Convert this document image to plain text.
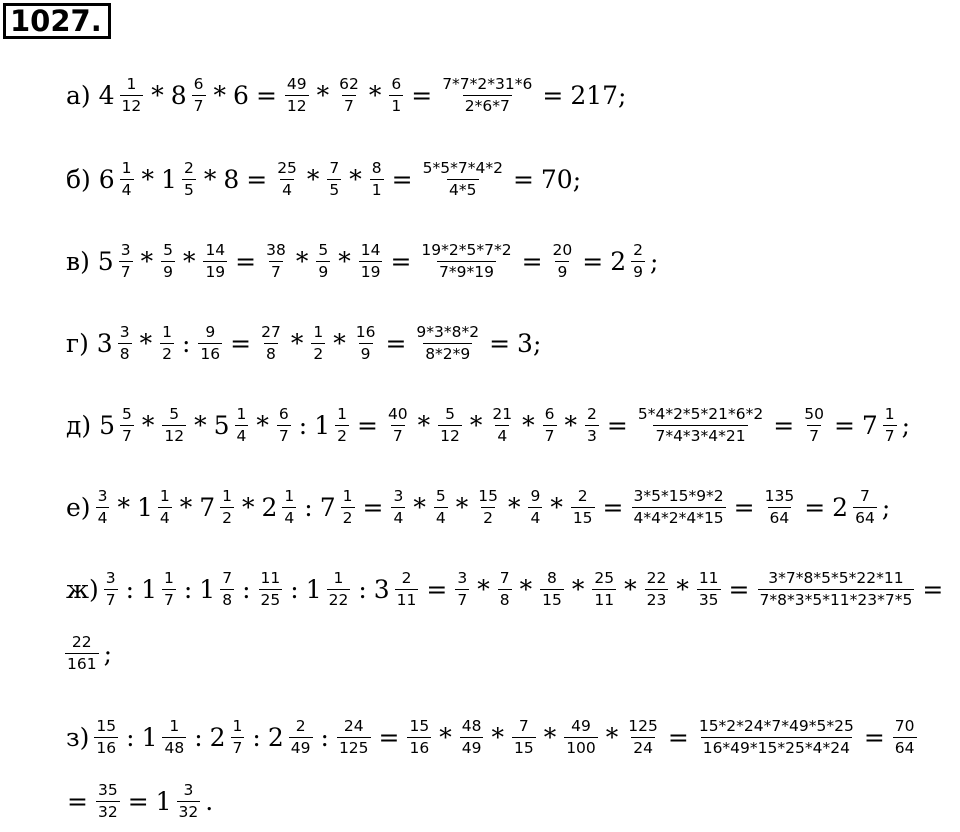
1027.
а) $4 \frac{1}{12} * 8 \frac{6}{7} * 6 = \frac{49}{12} * \frac{62}{7} * \frac{6}{1} = \frac{7*7*2*31*6}{2*6*7} = 217$;
б) $6 \frac{1}{4} * 1 \frac{2}{5} * 8 = \frac{25}{4} * \frac{7}{5} * \frac{8}{1} = \frac{5*5*7*4*2}{4*5} = 70$;
в) $5 \frac{3}{7} * \frac{5}{9} * \frac{14}{19} = \frac{38}{7} * \frac{5}{9} * \frac{14}{19} = \frac{19*2*5*7*2}{7*9*19} = \frac{20}{9} = 2 \frac{2}{9}$ ;
г) $3 \frac{3}{8} * \frac{1}{2}$ : $\frac{9}{16} = \frac{27}{8} * \frac{1}{2} * \frac{16}{9} = \frac{9*3*8*2}{8*2*9} = 3$;
д) $5 \frac{5}{7} * \frac{5}{12} * 5 \frac{1}{4} * \frac{6}{7}$ : $1 \frac{1}{2} = \frac{40}{7} * \frac{5}{12} * \frac{21}{4} * \frac{6}{7} * \frac{2}{3} = \frac{5*4*2*5*21*6*2}{7*4*3*4*21} = \frac{50}{7} = 7 \frac{1}{7}$ ;
$е) \frac{3}{4} * 1 \frac{1}{4} * 7 \frac{1}{2} * 2 \frac{1}{4}$ : $7 \frac{1}{2} = \frac{3}{4} * \frac{5}{4} * \frac{15}{2} * \frac{9}{4} * \frac{2}{15} = \frac{3*5*15*9*2}{4*4*2*4*15} = \frac{135}{64} = 2 \frac{7}{64}$ ;
$ж) \frac{3}{7}$ : $1 \frac{1}{7}$ : $1 \frac{7}{8}$ : $\frac{11}{25}$ : $1 \frac{1}{22}$ : $3 \frac{2}{11} = \frac{3}{7} * \frac{7}{8} * \frac{8}{15} * \frac{25}{11} * \frac{22}{23} * \frac{11}{35} = \frac{3*7*8*5*5*22*11}{7*8*3*5*11*23*7*5}$ =
$\frac{22}{161}$ ;
$з) \frac{15}{16}$ : $1 \frac{1}{48}$ : $2 \frac{1}{7}$ : $2 \frac{2}{49}$ : $\frac{24}{125} = \frac{15}{16} * \frac{48}{49} * \frac{7}{15} * \frac{49}{100} * \frac{125}{24} = \frac{15*2*24*7*49*5*25}{16*49*15*25*4*24} = \frac{70}{64}$
= $\frac{35}{32} = 1 \frac{3}{32}$ .
